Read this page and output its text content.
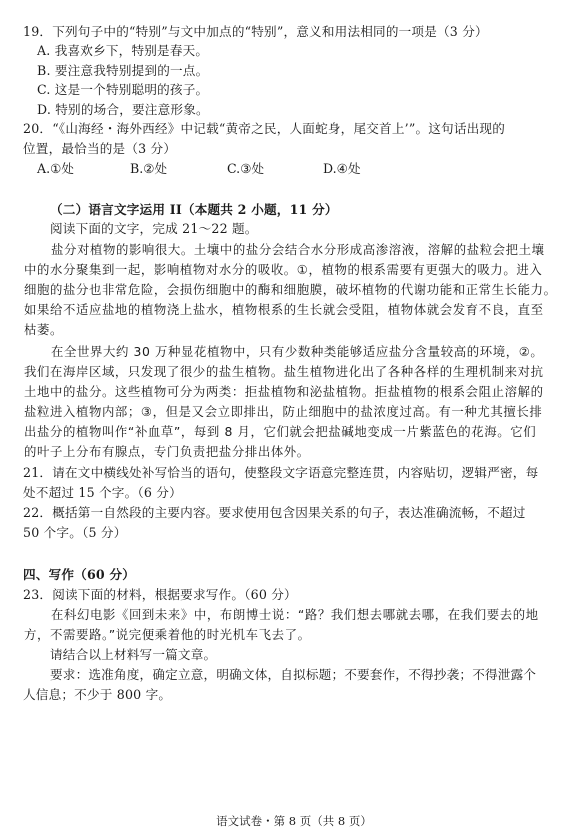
19．下列句子中的“特别”与文中加点的“特别”，意义和用法相同的一项是（3 分）
A. 我喜欢乡下，特别是春天。
B. 要注意我特别提到的一点。
C. 这是一个特别聪明的孩子。
D. 特别的场合，要注意形象。
20．“《山海经・海外西经》中记载“黄帝之民，人面蛇身，尾交首上’”。这句话出现的
位置，最恰当的是（3 分）
A.①处	B.②处	C.③处	D.④处
（二）语言文字运用 II（本题共 2 小题，11 分）
阅读下面的文字，完成 21～22 题。
盐分对植物的影响很大。土壤中的盐分会结合水分形成高渗溶液，溶解的盐粒会把土壤
中的水分聚集到一起，影响植物对水分的吸收。①，植物的根系需要有更强大的吸力。进入
细胞的盐分也非常危险，会损伤细胞中的酶和细胞膜，破坏植物的代谢功能和正常生长能力。
如果给不适应盐地的植物浇上盐水，植物根系的生长就会受阻，植物体就会发育不良，直至
枯萎。
在全世界大约 30 万种显花植物中，只有少数种类能够适应盐分含量较高的环境，②。
我们在海岸区域，只发现了很少的盐生植物。盐生植物进化出了各种各样的生理机制来对抗
土地中的盐分。这些植物可分为两类：拒盐植物和泌盐植物。拒盐植物的根系会阻止溶解的
盐粒进入植物内部；③，但是又会立即排出，防止细胞中的盐浓度过高。有一种尤其擅长排
出盐分的植物叫作“补血草”，每到 8 月，它们就会把盐碱地变成一片紫蓝色的花海。它们
的叶子上分布有腺点，专门负责把盐分排出体外。
21．请在文中横线处补写恰当的语句，使整段文字语意完整连贯，内容贴切，逻辑严密，每
处不超过 15 个字。（6 分）
22．概括第一自然段的主要内容。要求使用包含因果关系的句子，表达准确流畅，不超过
50 个字。（5 分）
四、写作（60 分）
23．阅读下面的材料，根据要求写作。（60 分）
在科幻电影《回到未来》中，布朗博士说：“路？我们想去哪就去哪，在我们要去的地
方，不需要路。”说完便乘着他的时光机车飞去了。
请结合以上材料写一篇文章。
要求：选准角度，确定立意，明确文体，自拟标题；不要套作，不得抄袭；不得泄露个
人信息；不少于 800 字。
语文试卷・第 8 页（共 8 页）
